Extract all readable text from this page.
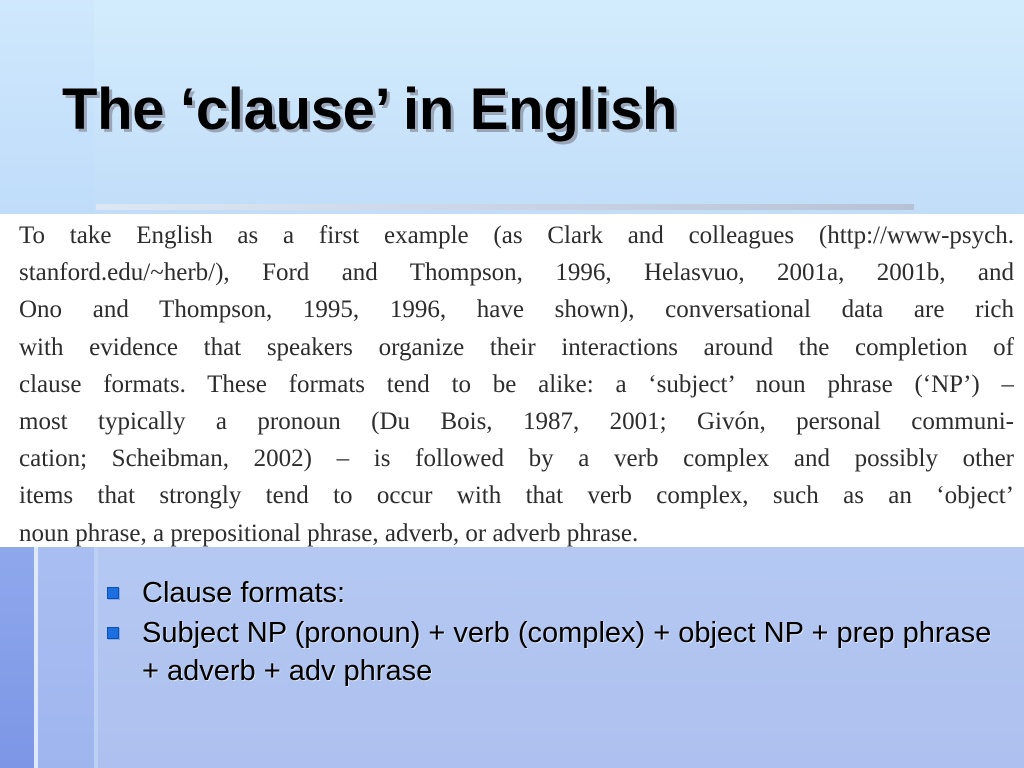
The ‘clause’ in English
To take English as a first example (as Clark and colleagues (http://www-psych.
stanford.edu/~herb/), Ford and Thompson, 1996, Helasvuo, 2001a, 2001b, and
Ono and Thompson, 1995, 1996, have shown), conversational data are rich
with evidence that speakers organize their interactions around the completion of
clause formats. These formats tend to be alike: a ‘subject’ noun phrase (‘NP’) –
most typically a pronoun (Du Bois, 1987, 2001; Givón, personal communi-
cation; Scheibman, 2002) – is followed by a verb complex and possibly other
items that strongly tend to occur with that verb complex, such as an ‘object’
noun phrase, a prepositional phrase, adverb, or adverb phrase.
Clause formats:
Subject NP (pronoun) + verb (complex) + object NP + prep phrase + adverb + adv phrase
